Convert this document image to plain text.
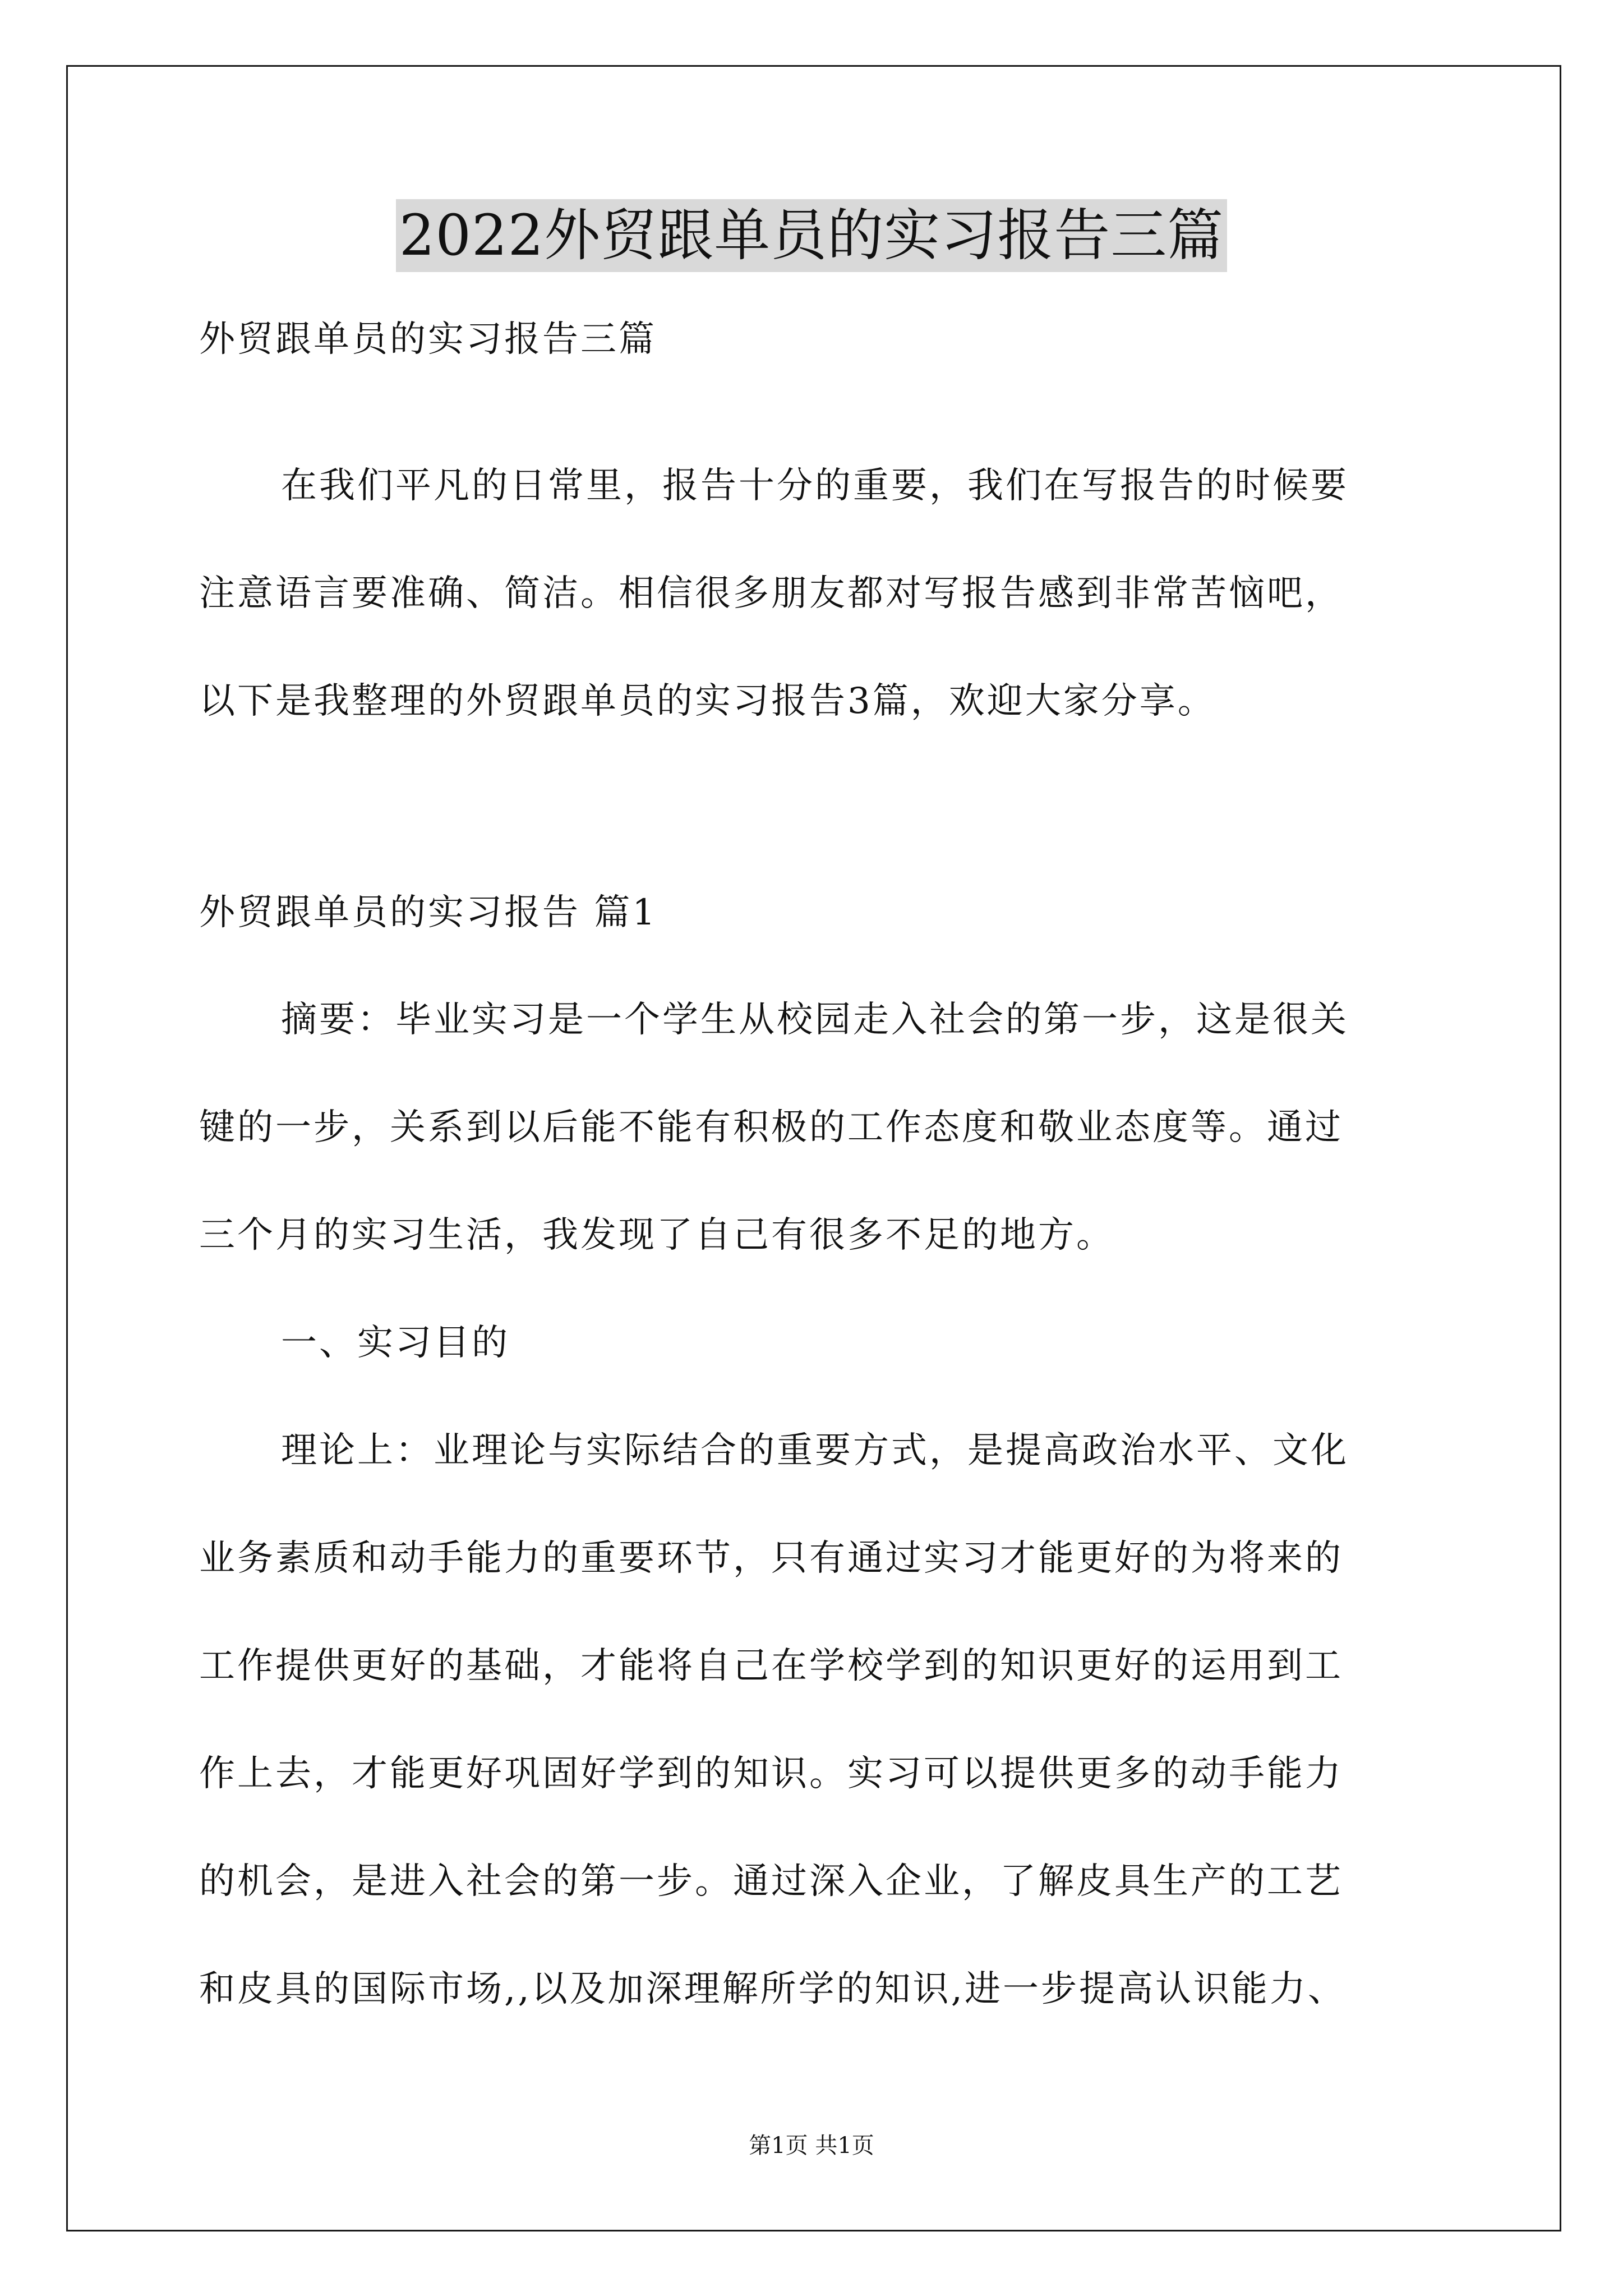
2022外贸跟单员的实习报告三篇
外贸跟单员的实习报告三篇
在我们平凡的日常里，报告十分的重要，我们在写报告的时候要
注意语言要准确、简洁。相信很多朋友都对写报告感到非常苦恼吧，
以下是我整理的外贸跟单员的实习报告3篇，欢迎大家分享。
外贸跟单员的实习报告 篇1
摘要：毕业实习是一个学生从校园走入社会的第一步，这是很关
键的一步，关系到以后能不能有积极的工作态度和敬业态度等。通过
三个月的实习生活，我发现了自己有很多不足的地方。
一、实习目的
理论上：业理论与实际结合的重要方式，是提高政治水平、文化
业务素质和动手能力的重要环节，只有通过实习才能更好的为将来的
工作提供更好的基础，才能将自己在学校学到的知识更好的运用到工
作上去，才能更好巩固好学到的知识。实习可以提供更多的动手能力
的机会，是进入社会的第一步。通过深入企业，了解皮具生产的工艺
和皮具的国际市场,,以及加深理解所学的知识,进一步提高认识能力、
第1页 共1页
